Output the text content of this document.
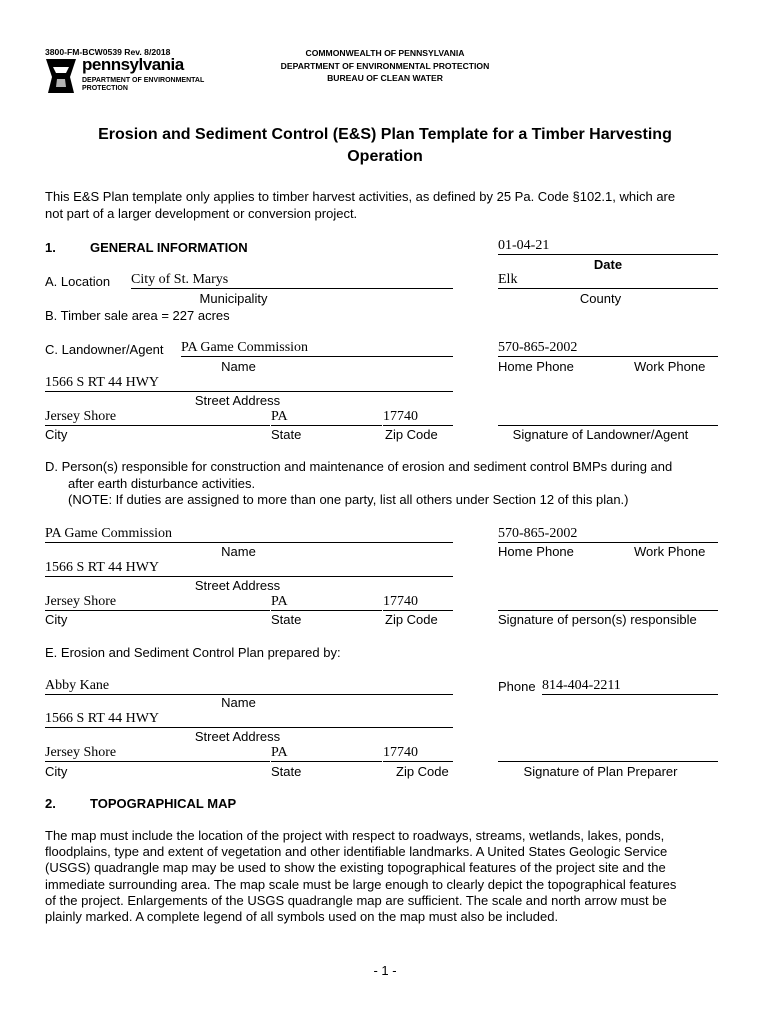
3800-FM-BCW0539 Rev. 8/2018
pennsylvania
DEPARTMENT OF ENVIRONMENTAL
PROTECTION
COMMONWEALTH OF PENNSYLVANIA
DEPARTMENT OF ENVIRONMENTAL PROTECTION
BUREAU OF CLEAN WATER
Erosion and Sediment Control (E&S) Plan Template for a Timber Harvesting
Operation
This E&S Plan template only applies to timber harvest activities, as defined by 25 Pa. Code §102.1, which are
not part of a larger development or conversion project.
1.	GENERAL INFORMATION	01-04-21
Date
A. Location City of St. Marys
Municipality
Elk
County
B. Timber sale area = 227 acres
C. Landowner/Agent PA Game Commission
Name
570-865-2002
Home Phone	Work Phone
1566 S RT 44 HWY
Street Address
Jersey Shore	PA	17740
City	State	Zip Code	Signature of Landowner/Agent
D. Person(s) responsible for construction and maintenance of erosion and sediment control BMPs during and
after earth disturbance activities.
(NOTE: If duties are assigned to more than one party, list all others under Section 12 of this plan.)
PA Game Commission
Name
570-865-2002
Home Phone	Work Phone
1566 S RT 44 HWY
Street Address
Jersey Shore	PA	17740
City	State	Zip Code	Signature of person(s) responsible
E. Erosion and Sediment Control Plan prepared by:
Abby Kane
Name
Phone 814-404-2211
1566 S RT 44 HWY
Street Address
Jersey Shore	PA	17740
City	State	Zip Code	Signature of Plan Preparer
2.	TOPOGRAPHICAL MAP
The map must include the location of the project with respect to roadways, streams, wetlands, lakes, ponds,
floodplains, type and extent of vegetation and other identifiable landmarks. A United States Geologic Service
(USGS) quadrangle map may be used to show the existing topographical features of the project site and the
immediate surrounding area. The map scale must be large enough to clearly depict the topographical features
of the project. Enlargements of the USGS quadrangle map are sufficient. The scale and north arrow must be
plainly marked. A complete legend of all symbols used on the map must also be included.
- 1 -
